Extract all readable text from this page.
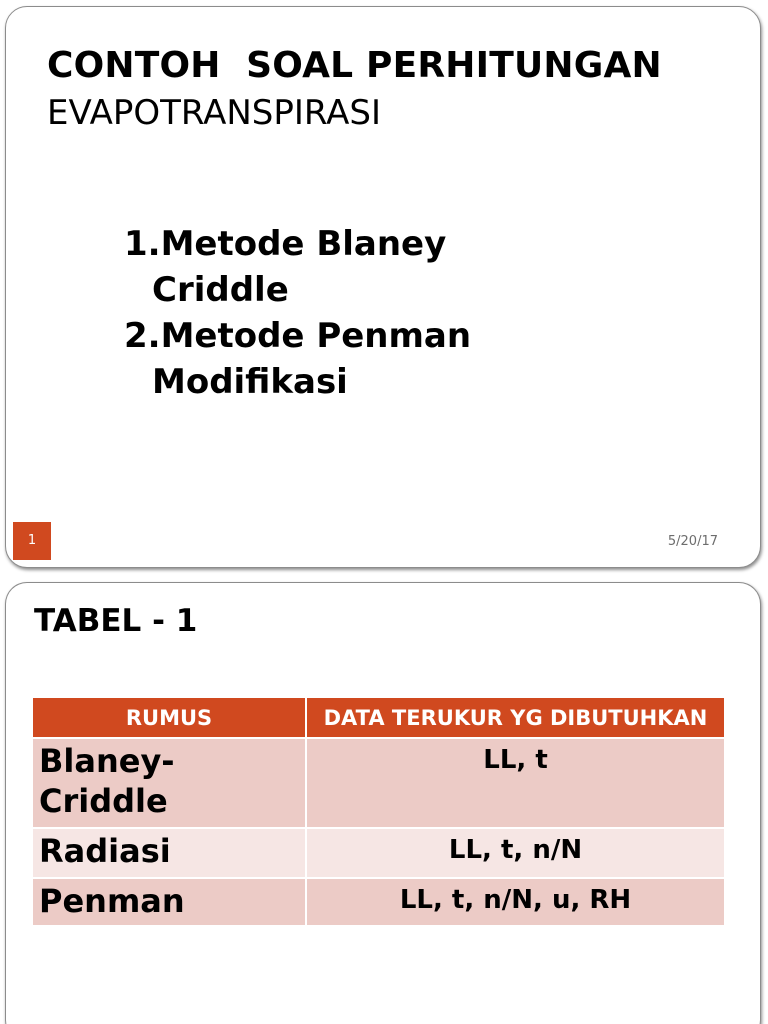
CONTOH  SOAL PERHITUNGAN
EVAPOTRANSPIRASI
1. Metode Blaney
Criddle
2. Metode Penman
Modifikasi
1	5/20/17
TABEL - 1
RUMUS	DATA TERUKUR YG DIBUTUHKAN
Blaney-Criddle	LL, t
Radiasi	LL, t, n/N
Penman	LL, t, n/N, u, RH
